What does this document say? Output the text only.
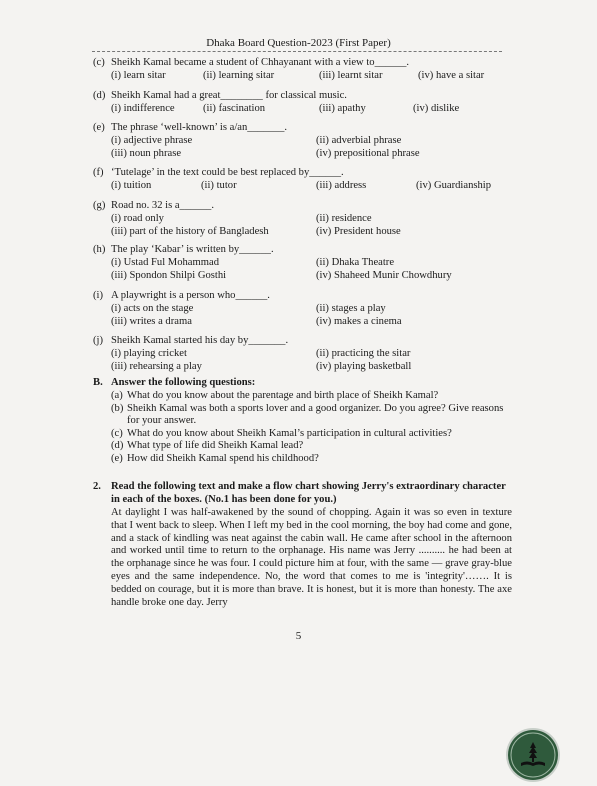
Dhaka Board Question-2023 (First Paper)
(c) Sheikh Kamal became a student of Chhayanant with a view to______.
(i) learn sitar	(ii) learning sitar	(iii) learnt sitar	(iv) have a sitar
(d) Sheikh Kamal had a great________ for classical music.
(i) indifference	(ii) fascination	(iii) apathy	(iv) dislike
(e) The phrase ‘well-known’ is a/an_______.
(i) adjective phrase	(ii) adverbial phrase
(iii) noun phrase	(iv) prepositional phrase
(f) ‘Tutelage’ in the text could be best replaced by______.
(i) tuition	(ii) tutor	(iii) address	(iv) Guardianship
(g) Road no. 32 is a______.
(i) road only	(ii) residence
(iii) part of the history of Bangladesh	(iv) President house
(h) The play ‘Kabar’ is written by______.
(i) Ustad Ful Mohammad	(ii) Dhaka Theatre
(iii) Spondon Shilpi Gosthi	(iv) Shaheed Munir Chowdhury
(i) A playwright is a person who______.
(i) acts on the stage	(ii) stages a play
(iii) writes a drama	(iv) makes a cinema
(j) Sheikh Kamal started his day by_______.
(i) playing cricket	(ii) practicing the sitar
(iii) rehearsing a play	(iv) playing basketball
B. Answer the following questions:
(a) What do you know about the parentage and birth place of Sheikh Kamal?
(b) Sheikh Kamal was both a sports lover and a good organizer. Do you agree? Give reasons for your answer.
(c) What do you know about Sheikh Kamal’s participation in cultural activities?
(d) What type of life did Sheikh Kamal lead?
(e) How did Sheikh Kamal spend his childhood?
2. Read the following text and make a flow chart showing Jerry's extraordinary character in each of the boxes. (No.1 has been done for you.)
At daylight I was half-awakened by the sound of chopping. Again it was so even in texture that I went back to sleep. When I left my bed in the cool morning, the boy had come and gone, and a stack of kindling was neat against the cabin wall. He came after school in the afternoon and worked until time to return to the orphanage. His name was Jerry .......... he had been at the orphanage since he was four. I could picture him at four, with the same — grave gray-blue eyes and the same independence. No, the word that comes to me is 'integrity'……. It is bedded on courage, but it is more than brave. It is honest, but it is more than honesty. The axe handle broke one day. Jerry
5
